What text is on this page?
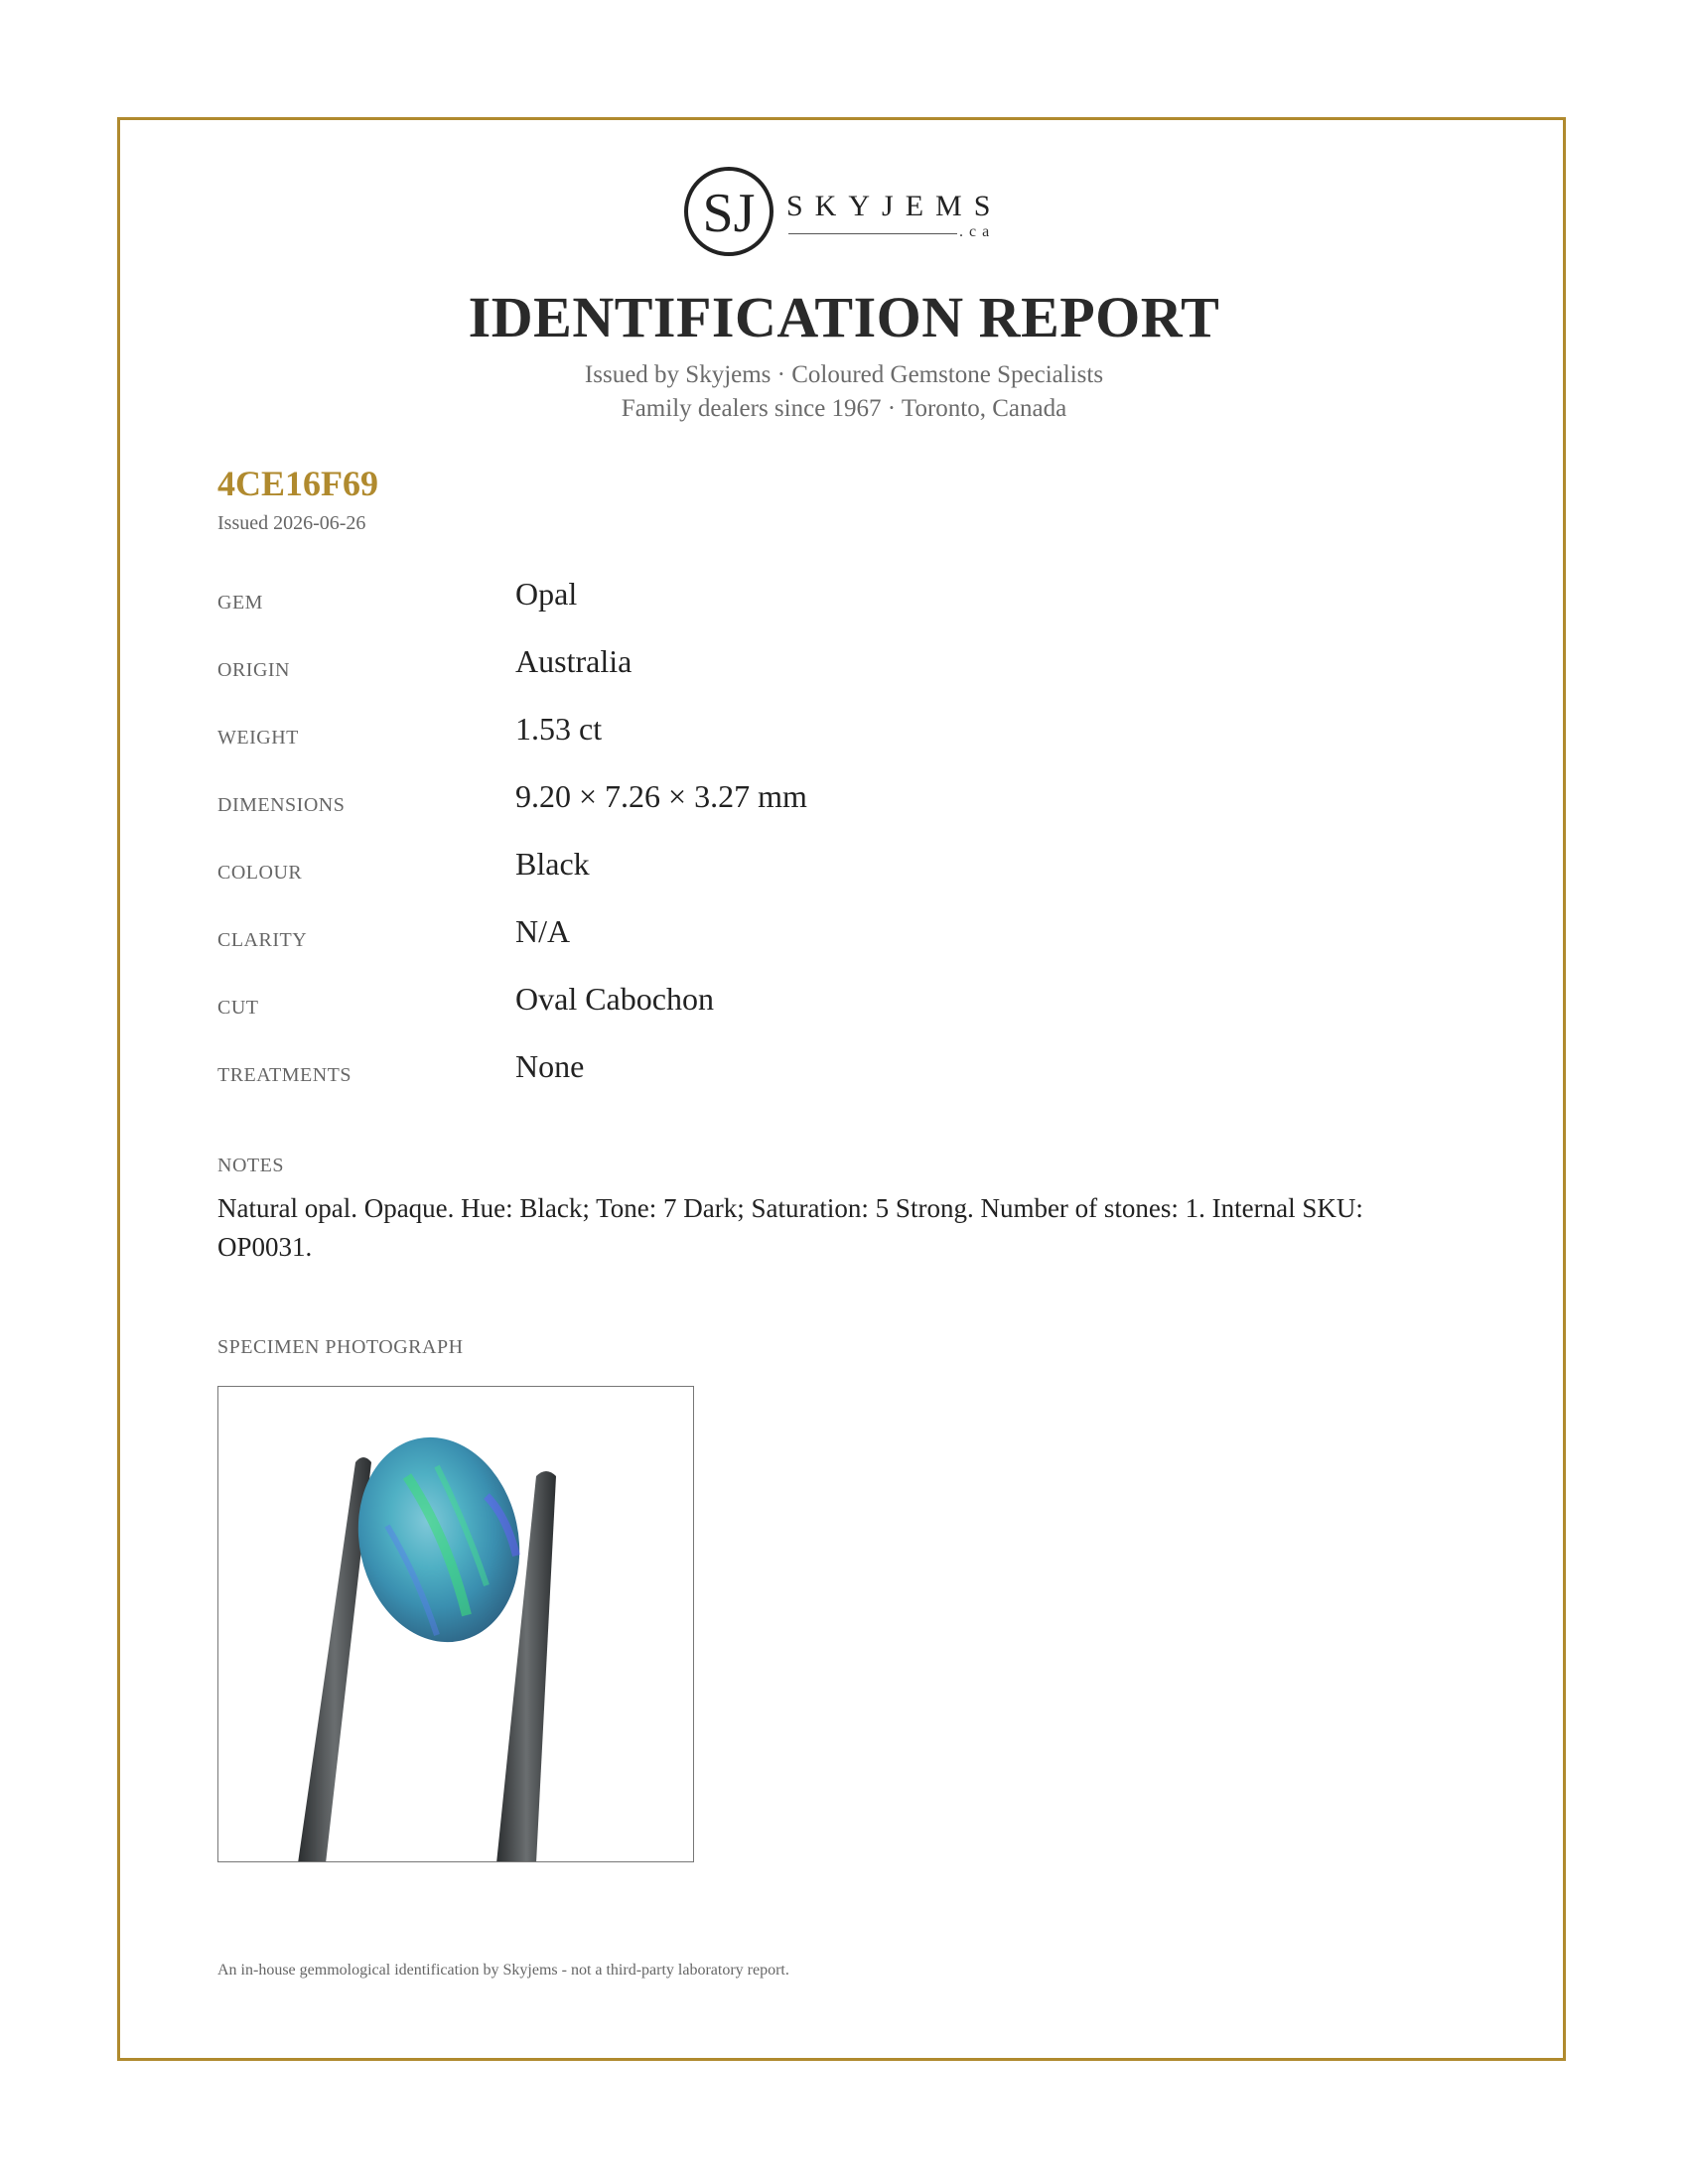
SJ SKYJEMS
.ca
IDENTIFICATION REPORT
Issued by Skyjems · Coloured Gemstone Specialists
Family dealers since 1967 · Toronto, Canada
4CE16F69
Issued 2026-06-26
GEM	Opal
ORIGIN	Australia
WEIGHT	1.53 ct
DIMENSIONS	9.20 × 7.26 × 3.27 mm
COLOUR	Black
CLARITY	N/A
CUT	Oval Cabochon
TREATMENTS	None
NOTES
Natural opal. Opaque. Hue: Black; Tone: 7 Dark; Saturation: 5 Strong. Number of stones: 1. Internal SKU: OP0031.
SPECIMEN PHOTOGRAPH
An in-house gemmological identification by Skyjems - not a third-party laboratory report.
